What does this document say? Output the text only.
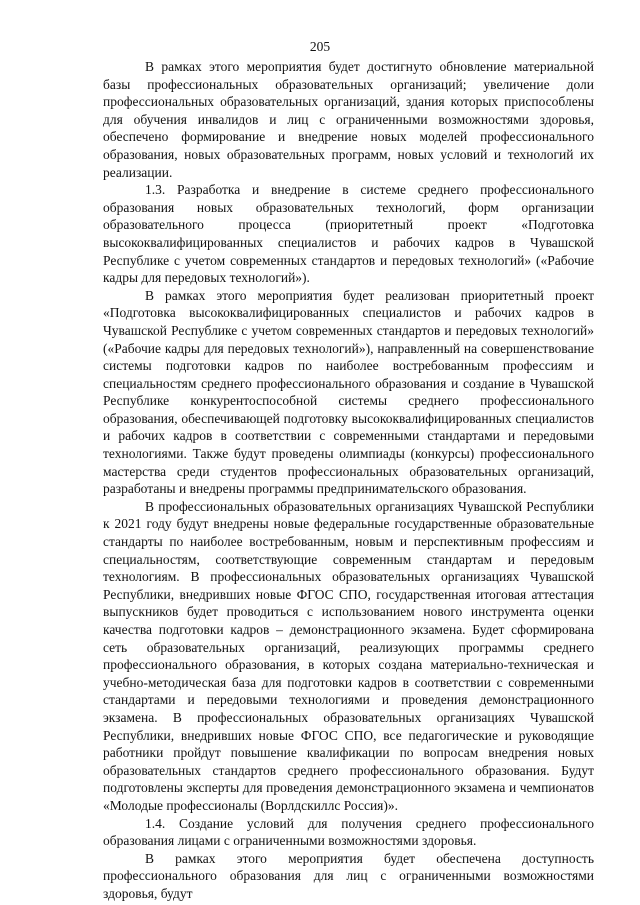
205

В рамках этого мероприятия будет достигнуто обновление материальной базы профессиональных образовательных организаций; увеличение доли профессиональных образовательных организаций, здания которых приспособлены для обучения инвалидов и лиц с ограниченными возможностями здоровья, обеспечено формирование и внедрение новых моделей профессионального образования, новых образовательных программ, новых условий и технологий их реализации.

1.3. Разработка и внедрение в системе среднего профессионального образования новых образовательных технологий, форм организации образовательного процесса (приоритетный проект «Подготовка высококвалифицированных специалистов и рабочих кадров в Чувашской Республике с учетом современных стандартов и передовых технологий» («Рабочие кадры для передовых технологий»).

В рамках этого мероприятия будет реализован приоритетный проект «Подготовка высококвалифицированных специалистов и рабочих кадров в Чувашской Республике с учетом современных стандартов и передовых технологий» («Рабочие кадры для передовых технологий»), направленный на совершенствование системы подготовки кадров по наиболее востребованным профессиям и специальностям среднего профессионального образования и создание в Чувашской Республике конкурентоспособной системы среднего профессионального образования, обеспечивающей подготовку высококвалифицированных специалистов и рабочих кадров в соответствии с современными стандартами и передовыми технологиями. Также будут проведены олимпиады (конкурсы) профессионального мастерства среди студентов профессиональных образовательных организаций, разработаны и внедрены программы предпринимательского образования.

В профессиональных образовательных организациях Чувашской Республики к 2021 году будут внедрены новые федеральные государственные образовательные стандарты по наиболее востребованным, новым и перспективным профессиям и специальностям, соответствующие современным стандартам и передовым технологиям. В профессиональных образовательных организациях Чувашской Республики, внедривших новые ФГОС СПО, государственная итоговая аттестация выпускников будет проводиться с использованием нового инструмента оценки качества подготовки кадров – демонстрационного экзамена. Будет сформирована сеть образовательных организаций, реализующих программы среднего профессионального образования, в которых создана материально-техническая и учебно-методическая база для подготовки кадров в соответствии с современными стандартами и передовыми технологиями и проведения демонстрационного экзамена. В профессиональных образовательных организациях Чувашской Республики, внедривших новые ФГОС СПО, все педагогические и руководящие работники пройдут повышение квалификации по вопросам внедрения новых образовательных стандартов среднего профессионального образования. Будут подготовлены эксперты для проведения демонстрационного экзамена и чемпионатов «Молодые профессионалы (Ворлдскиллс Россия)».

1.4. Создание условий для получения среднего профессионального образования лицами с ограниченными возможностями здоровья.

В рамках этого мероприятия будет обеспечена доступность профессионального образования для лиц с ограниченными возможностями здоровья, будут
